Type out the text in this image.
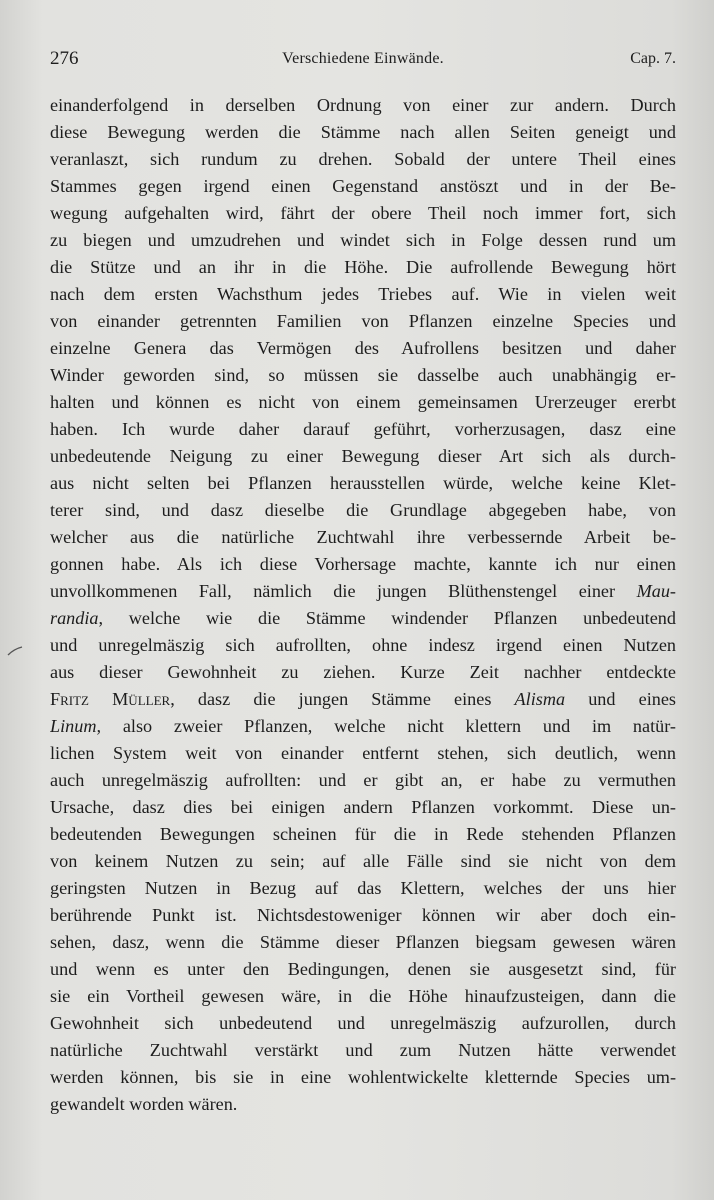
276	Verschiedene Einwände.	Cap. 7.
einanderfolgend in derselben Ordnung von einer zur andern. Durch
diese Bewegung werden die Stämme nach allen Seiten geneigt und
veranlaszt, sich rundum zu drehen. Sobald der untere Theil eines
Stammes gegen irgend einen Gegenstand anstöszt und in der Be-
wegung aufgehalten wird, fährt der obere Theil noch immer fort, sich
zu biegen und umzudrehen und windet sich in Folge dessen rund um
die Stütze und an ihr in die Höhe. Die aufrollende Bewegung hört
nach dem ersten Wachsthum jedes Triebes auf. Wie in vielen weit
von einander getrennten Familien von Pflanzen einzelne Species und
einzelne Genera das Vermögen des Aufrollens besitzen und daher
Winder geworden sind, so müssen sie dasselbe auch unabhängig er-
halten und können es nicht von einem gemeinsamen Urerzeuger ererbt
haben. Ich wurde daher darauf geführt, vorherzusagen, dasz eine
unbedeutende Neigung zu einer Bewegung dieser Art sich als durch-
aus nicht selten bei Pflanzen herausstellen würde, welche keine Klet-
terer sind, und dasz dieselbe die Grundlage abgegeben habe, von
welcher aus die natürliche Zuchtwahl ihre verbessernde Arbeit be-
gonnen habe. Als ich diese Vorhersage machte, kannte ich nur einen
unvollkommenen Fall, nämlich die jungen Blüthenstengel einer Mau-
randia, welche wie die Stämme windender Pflanzen unbedeutend
und unregelmäszig sich aufrollten, ohne indesz irgend einen Nutzen
aus dieser Gewohnheit zu ziehen. Kurze Zeit nachher entdeckte
Fritz Müller, dasz die jungen Stämme eines Alisma und eines
Linum, also zweier Pflanzen, welche nicht klettern und im natür-
lichen System weit von einander entfernt stehen, sich deutlich, wenn
auch unregelmäszig aufrollten: und er gibt an, er habe zu vermuthen
Ursache, dasz dies bei einigen andern Pflanzen vorkommt. Diese un-
bedeutenden Bewegungen scheinen für die in Rede stehenden Pflanzen
von keinem Nutzen zu sein; auf alle Fälle sind sie nicht von dem
geringsten Nutzen in Bezug auf das Klettern, welches der uns hier
berührende Punkt ist. Nichtsdestoweniger können wir aber doch ein-
sehen, dasz, wenn die Stämme dieser Pflanzen biegsam gewesen wären
und wenn es unter den Bedingungen, denen sie ausgesetzt sind, für
sie ein Vortheil gewesen wäre, in die Höhe hinaufzusteigen, dann die
Gewohnheit sich unbedeutend und unregelmäszig aufzurollen, durch
natürliche Zuchtwahl verstärkt und zum Nutzen hätte verwendet
werden können, bis sie in eine wohlentwickelte kletternde Species um-
gewandelt worden wären.
